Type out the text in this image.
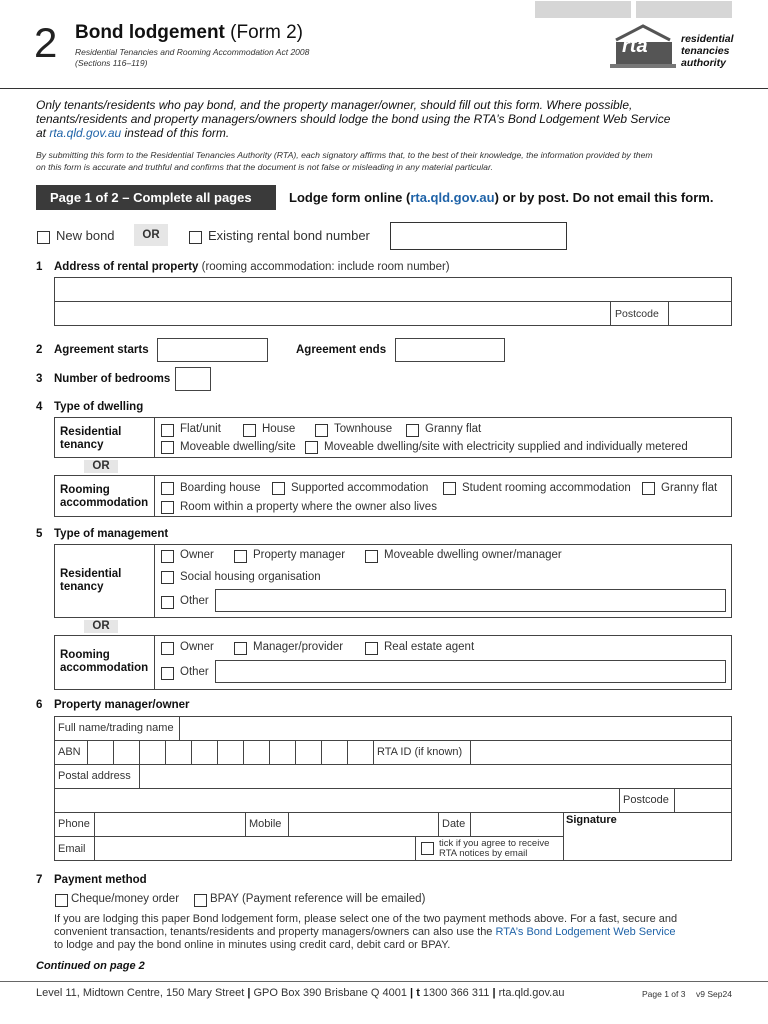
2 Bond lodgement (Form 2)
Residential Tenancies and Rooming Accommodation Act 2008
(Sections 116–119)
rta	residential
tenancies
authority
Only tenants/residents who pay bond, and the property manager/owner, should fill out this form. Where possible,
tenants/residents and property managers/owners should lodge the bond using the RTA’s Bond Lodgement Web Service
at rta.qld.gov.au instead of this form.
By submitting this form to the Residential Tenancies Authority (RTA), each signatory affirms that, to the best of their knowledge, the information provided by them
on this form is accurate and truthful and confirms that the document is not false or misleading in any material particular.
Page 1 of 2 – Complete all pages	Lodge form online (rta.qld.gov.au) or by post. Do not email this form.
New bond	OR	Existing rental bond number
1 Address of rental property (rooming accommodation: include room number)
Postcode
2 Agreement starts	Agreement ends
3 Number of bedrooms
4 Type of dwelling
Residential
tenancy
Flat/unit	House	Townhouse	Granny flat
Moveable dwelling/site Moveable dwelling/site with electricity supplied and individually metered
OR
Rooming
accommodation
Boarding house	Supported accommodation	Student rooming accommodation	Granny flat
Room within a property where the owner also lives
5 Type of management
Residential
tenancy
Owner	Property manager	Moveable dwelling owner/manager
Social housing organisation
Other
OR
Rooming
accommodation
Owner	Manager/provider	Real estate agent
Other
6 Property manager/owner
Full name/trading name
ABN	RTA ID (if known)
Postal address
Postcode
Phone	Mobile	Date	Signature
Email	tick if you agree to receive
RTA notices by email
7 Payment method
Cheque/money order	BPAY (Payment reference will be emailed)
If you are lodging this paper Bond lodgement form, please select one of the two payment methods above. For a fast, secure and
convenient transaction, tenants/residents and property managers/owners can also use the RTA’s Bond Lodgement Web Service
to lodge and pay the bond online in minutes using credit card, debit card or BPAY.
Continued on page 2
Level 11, Midtown Centre, 150 Mary Street | GPO Box 390 Brisbane Q 4001 | t 1300 366 311 | rta.qld.gov.au	Page 1 of 3 v9 Sep24
